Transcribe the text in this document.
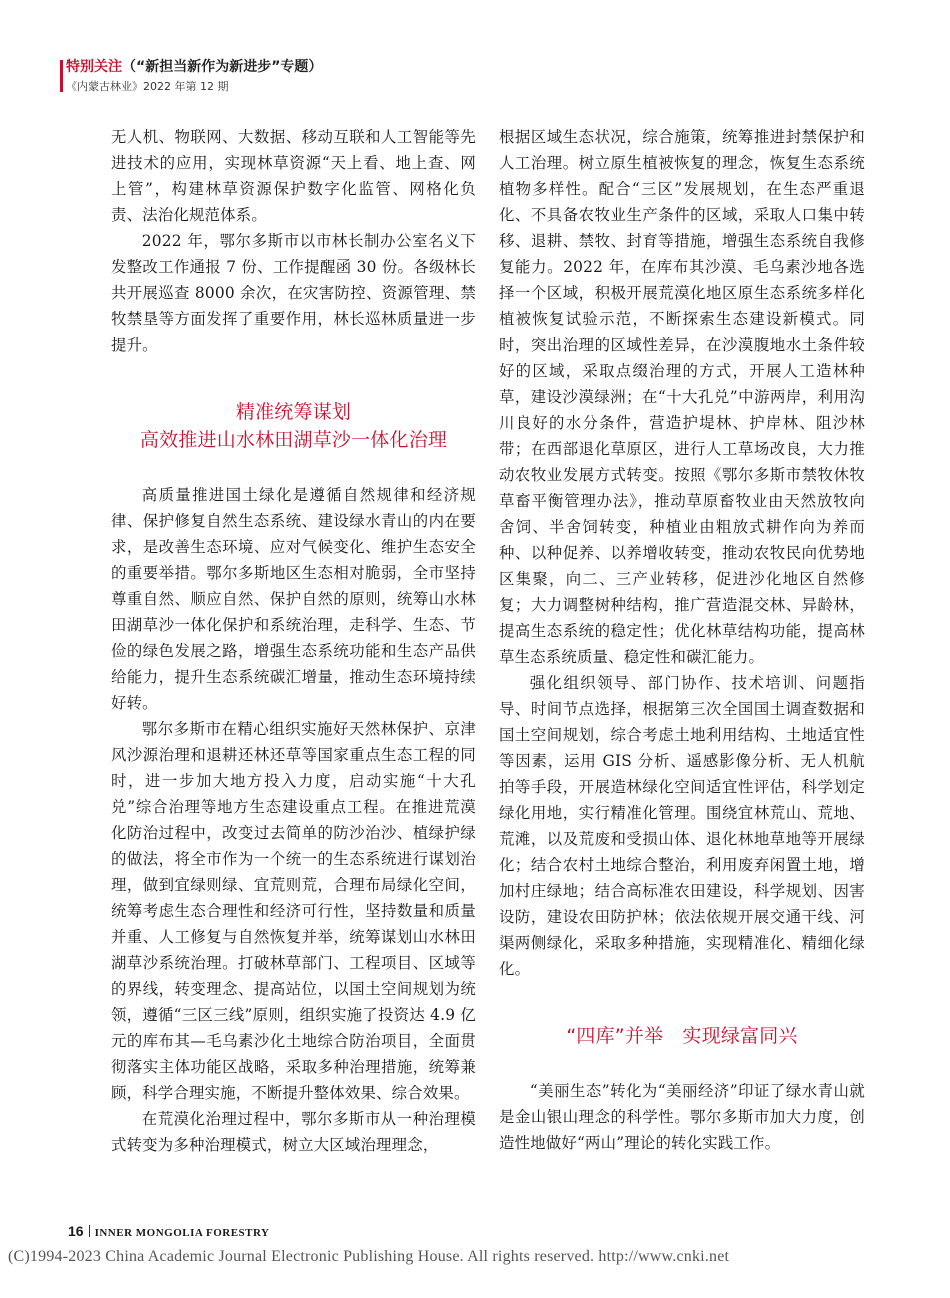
特别关注（“新担当新作为新进步”专题）
《内蒙古林业》2022 年第 12 期

无人机、物联网、大数据、移动互联和人工智能等先进技术的应用，实现林草资源“天上看、地上查、网上管”，构建林草资源保护数字化监管、网格化负责、法治化规范体系。

2022 年，鄂尔多斯市以市林长制办公室名义下发整改工作通报 7 份、工作提醒函 30 份。各级林长共开展巡查 8000 余次，在灾害防控、资源管理、禁牧禁垦等方面发挥了重要作用，林长巡林质量进一步提升。

精准统筹谋划
高效推进山水林田湖草沙一体化治理

高质量推进国土绿化是遵循自然规律和经济规律、保护修复自然生态系统、建设绿水青山的内在要求，是改善生态环境、应对气候变化、维护生态安全的重要举措。鄂尔多斯地区生态相对脆弱，全市坚持尊重自然、顺应自然、保护自然的原则，统筹山水林田湖草沙一体化保护和系统治理，走科学、生态、节俭的绿色发展之路，增强生态系统功能和生态产品供给能力，提升生态系统碳汇增量，推动生态环境持续好转。

鄂尔多斯市在精心组织实施好天然林保护、京津风沙源治理和退耕还林还草等国家重点生态工程的同时，进一步加大地方投入力度，启动实施“十大孔兑”综合治理等地方生态建设重点工程。在推进荒漠化防治过程中，改变过去简单的防沙治沙、植绿护绿的做法，将全市作为一个统一的生态系统进行谋划治理，做到宜绿则绿、宜荒则荒，合理布局绿化空间，统筹考虑生态合理性和经济可行性，坚持数量和质量并重、人工修复与自然恢复并举，统筹谋划山水林田湖草沙系统治理。打破林草部门、工程项目、区域等的界线，转变理念、提高站位，以国土空间规划为统领，遵循“三区三线”原则，组织实施了投资达 4.9 亿元的库布其—毛乌素沙化土地综合防治项目，全面贯彻落实主体功能区战略，采取多种治理措施，统筹兼顾，科学合理实施，不断提升整体效果、综合效果。

在荒漠化治理过程中，鄂尔多斯市从一种治理模式转变为多种治理模式，树立大区域治理理念，

根据区域生态状况，综合施策，统筹推进封禁保护和人工治理。树立原生植被恢复的理念，恢复生态系统植物多样性。配合“三区”发展规划，在生态严重退化、不具备农牧业生产条件的区域，采取人口集中转移、退耕、禁牧、封育等措施，增强生态系统自我修复能力。2022 年，在库布其沙漠、毛乌素沙地各选择一个区域，积极开展荒漠化地区原生态系统多样化植被恢复试验示范，不断探索生态建设新模式。同时，突出治理的区域性差异，在沙漠腹地水土条件较好的区域，采取点缀治理的方式，开展人工造林种草，建设沙漠绿洲；在“十大孔兑”中游两岸，利用沟川良好的水分条件，营造护堤林、护岸林、阻沙林带；在西部退化草原区，进行人工草场改良，大力推动农牧业发展方式转变。按照《鄂尔多斯市禁牧休牧草畜平衡管理办法》，推动草原畜牧业由天然放牧向舍饲、半舍饲转变，种植业由粗放式耕作向为养而种、以种促养、以养增收转变，推动农牧民向优势地区集聚，向二、三产业转移，促进沙化地区自然修复；大力调整树种结构，推广营造混交林、异龄林，提高生态系统的稳定性；优化林草结构功能，提高林草生态系统质量、稳定性和碳汇能力。

强化组织领导、部门协作、技术培训、问题指导、时间节点选择，根据第三次全国国土调查数据和国土空间规划，综合考虑土地利用结构、土地适宜性等因素，运用 GIS 分析、遥感影像分析、无人机航拍等手段，开展造林绿化空间适宜性评估，科学划定绿化用地，实行精准化管理。围绕宜林荒山、荒地、荒滩，以及荒废和受损山体、退化林地草地等开展绿化；结合农村土地综合整治，利用废弃闲置土地，增加村庄绿地；结合高标准农田建设，科学规划、因害设防，建设农田防护林；依法依规开展交通干线、河渠两侧绿化，采取多种措施，实现精准化、精细化绿化。

“四库”并举　实现绿富同兴

“美丽生态”转化为“美丽经济”印证了绿水青山就是金山银山理念的科学性。鄂尔多斯市加大力度，创造性地做好“两山”理论的转化实践工作。

16 INNER MONGOLIA FORESTRY
(C)1994-2023 China Academic Journal Electronic Publishing House. All rights reserved. http://www.cnki.net
